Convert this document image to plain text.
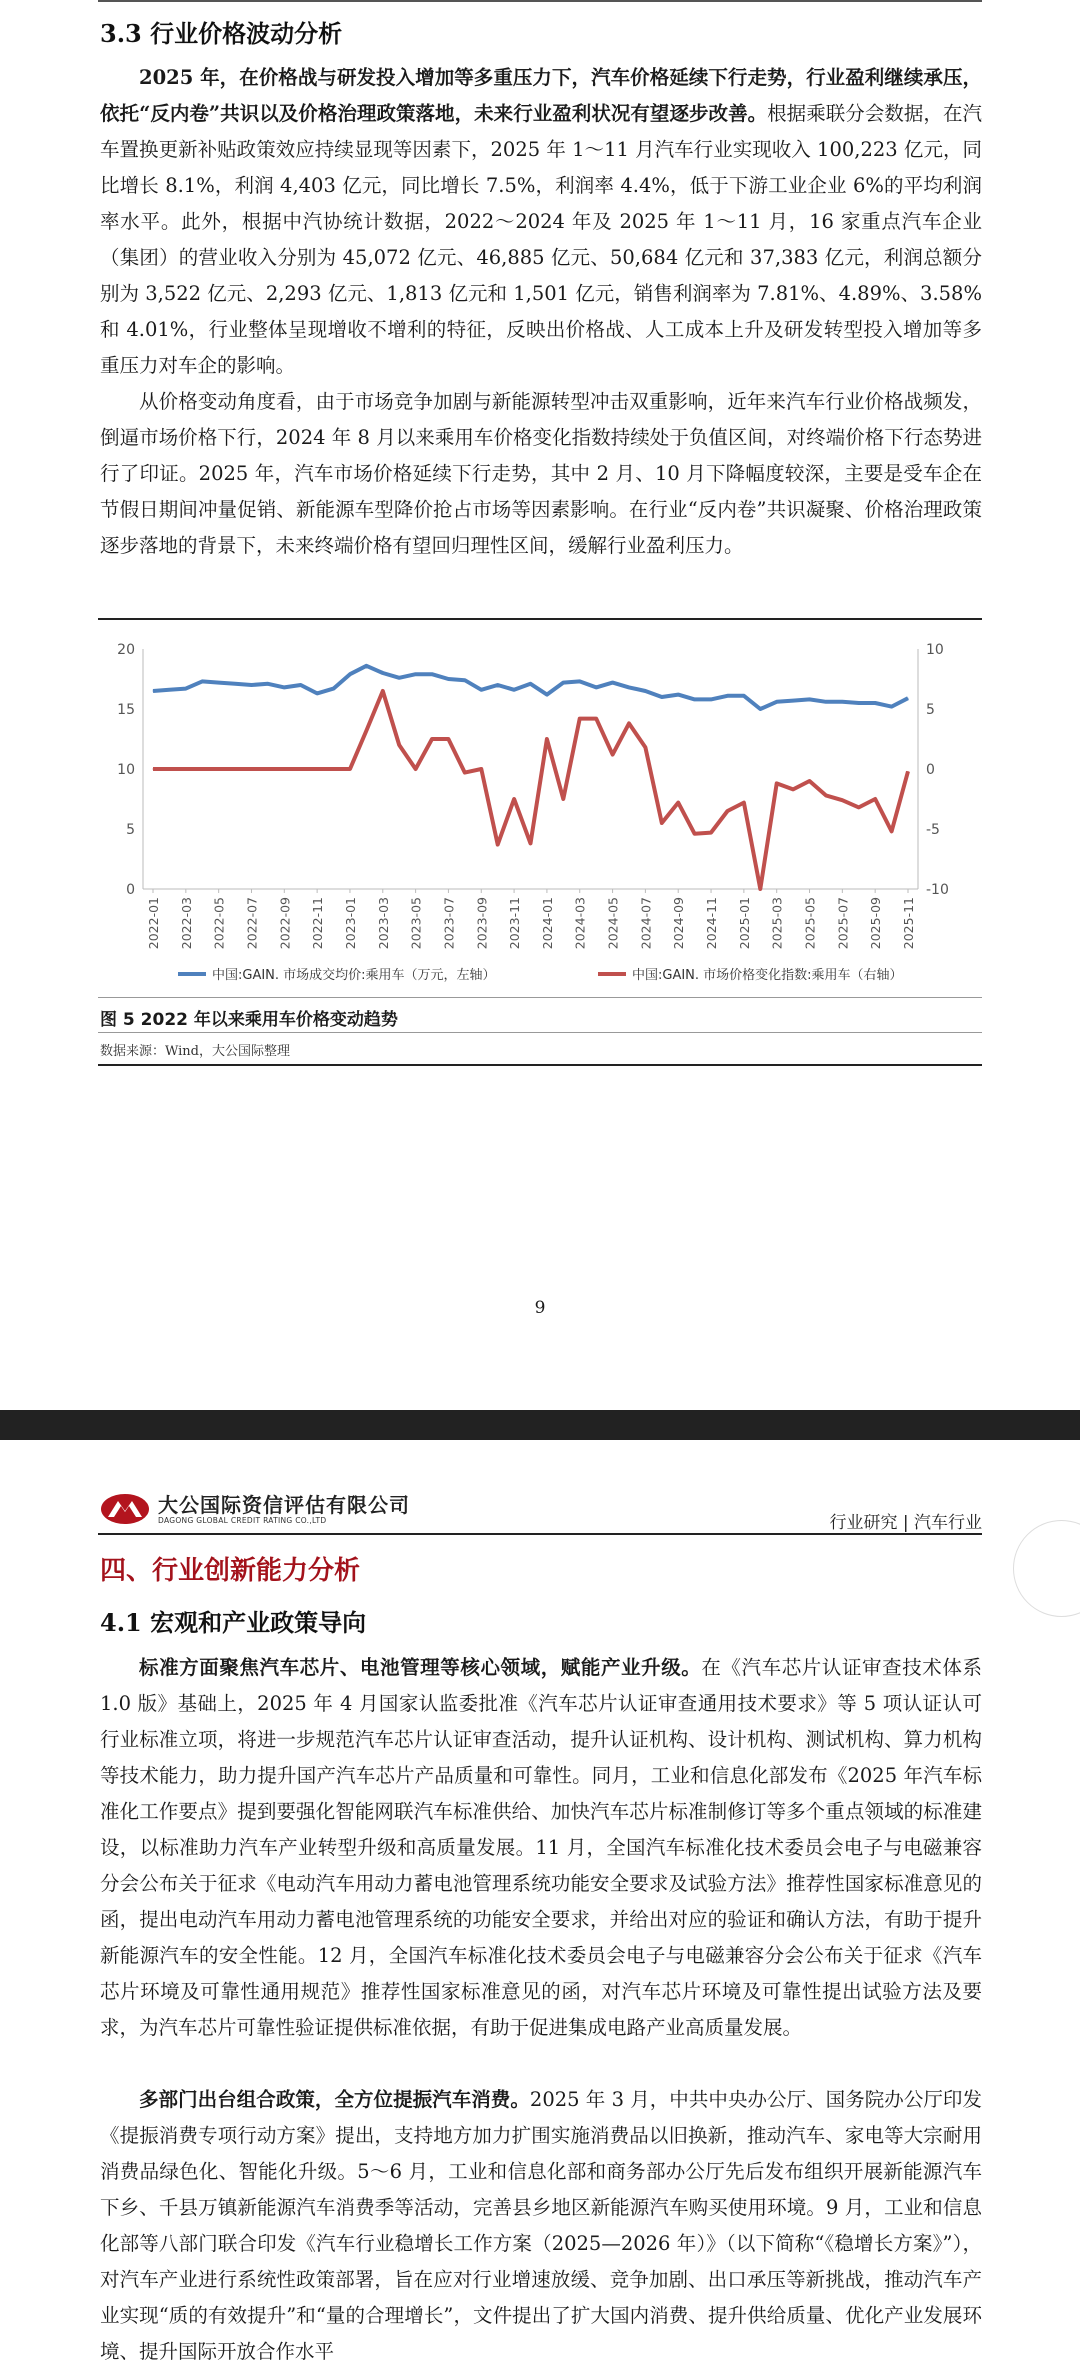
3.3 行业价格波动分析

2025 年，在价格战与研发投入增加等多重压力下，汽车价格延续下行走势，行业盈利继续承压，依托“反内卷”共识以及价格治理政策落地，未来行业盈利状况有望逐步改善。根据乘联分会数据，在汽车置换更新补贴政策效应持续显现等因素下，2025 年 1～11 月汽车行业实现收入 100,223 亿元，同比增长 8.1%，利润 4,403 亿元，同比增长 7.5%，利润率 4.4%，低于下游工业企业 6%的平均利润率水平。此外，根据中汽协统计数据，2022～2024 年及 2025 年 1～11 月，16 家重点汽车企业（集团）的营业收入分别为 45,072 亿元、46,885 亿元、50,684 亿元和 37,383 亿元，利润总额分别为 3,522 亿元、2,293 亿元、1,813 亿元和 1,501 亿元，销售利润率为 7.81%、4.89%、3.58%和 4.01%，行业整体呈现增收不增利的特征，反映出价格战、人工成本上升及研发转型投入增加等多重压力对车企的影响。

从价格变动角度看，由于市场竞争加剧与新能源转型冲击双重影响，近年来汽车行业价格战频发，倒逼市场价格下行，2024 年 8 月以来乘用车价格变化指数持续处于负值区间，对终端价格下行态势进行了印证。2025 年，汽车市场价格延续下行走势，其中 2 月、10 月下降幅度较深，主要是受车企在节假日期间冲量促销、新能源车型降价抢占市场等因素影响。在行业“反内卷”共识凝聚、价格治理政策逐步落地的背景下，未来终端价格有望回归理性区间，缓解行业盈利压力。

0
5
10
15
20
-10
-5
0
5
10
2022-01 2022-03 2022-05 2022-07 2022-09 2022-11 2023-01 2023-03 2023-05 2023-07 2023-09 2023-11 2024-01 2024-03 2024-05 2024-07 2024-09 2024-11 2025-01 2025-03 2025-05 2025-07 2025-09 2025-11
中国:GAIN. 市场成交均价:乘用车（万元，左轴）	中国:GAIN. 市场价格变化指数:乘用车（右轴）
图 5 2022 年以来乘用车价格变动趋势
数据来源：Wind，大公国际整理
9
大公国际资信评估有限公司
DAGONG GLOBAL CREDIT RATING CO.,LTD	行业研究 | 汽车行业
四、行业创新能力分析
4.1 宏观和产业政策导向

标准方面聚焦汽车芯片、电池管理等核心领域，赋能产业升级。在《汽车芯片认证审查技术体系 1.0 版》基础上，2025 年 4 月国家认监委批准《汽车芯片认证审查通用技术要求》等 5 项认证认可行业标准立项，将进一步规范汽车芯片认证审查活动，提升认证机构、设计机构、测试机构、算力机构等技术能力，助力提升国产汽车芯片产品质量和可靠性。同月，工业和信息化部发布《2025 年汽车标准化工作要点》提到要强化智能网联汽车标准供给、加快汽车芯片标准制修订等多个重点领域的标准建设，以标准助力汽车产业转型升级和高质量发展。11 月，全国汽车标准化技术委员会电子与电磁兼容分会公布关于征求《电动汽车用动力蓄电池管理系统功能安全要求及试验方法》推荐性国家标准意见的函，提出电动汽车用动力蓄电池管理系统的功能安全要求，并给出对应的验证和确认方法，有助于提升新能源汽车的安全性能。12 月，全国汽车标准化技术委员会电子与电磁兼容分会公布关于征求《汽车芯片环境及可靠性通用规范》推荐性国家标准意见的函，对汽车芯片环境及可靠性提出试验方法及要求，为汽车芯片可靠性验证提供标准依据，有助于促进集成电路产业高质量发展。

多部门出台组合政策，全方位提振汽车消费。2025 年 3 月，中共中央办公厅、国务院办公厅印发《提振消费专项行动方案》提出，支持地方加力扩围实施消费品以旧换新，推动汽车、家电等大宗耐用消费品绿色化、智能化升级。5～6 月，工业和信息化部和商务部办公厅先后发布组织开展新能源汽车下乡、千县万镇新能源汽车消费季等活动，完善县乡地区新能源汽车购买使用环境。9 月，工业和信息化部等八部门联合印发《汽车行业稳增长工作方案（2025—2026 年）》（以下简称“《稳增长方案》”），对汽车产业进行系统性政策部署，旨在应对行业增速放缓、竞争加剧、出口承压等新挑战，推动汽车产业实现“质的有效提升”和“量的合理增长”，文件提出了扩大国内消费、提升供给质量、优化产业发展环境、提升国际开放合作水平
